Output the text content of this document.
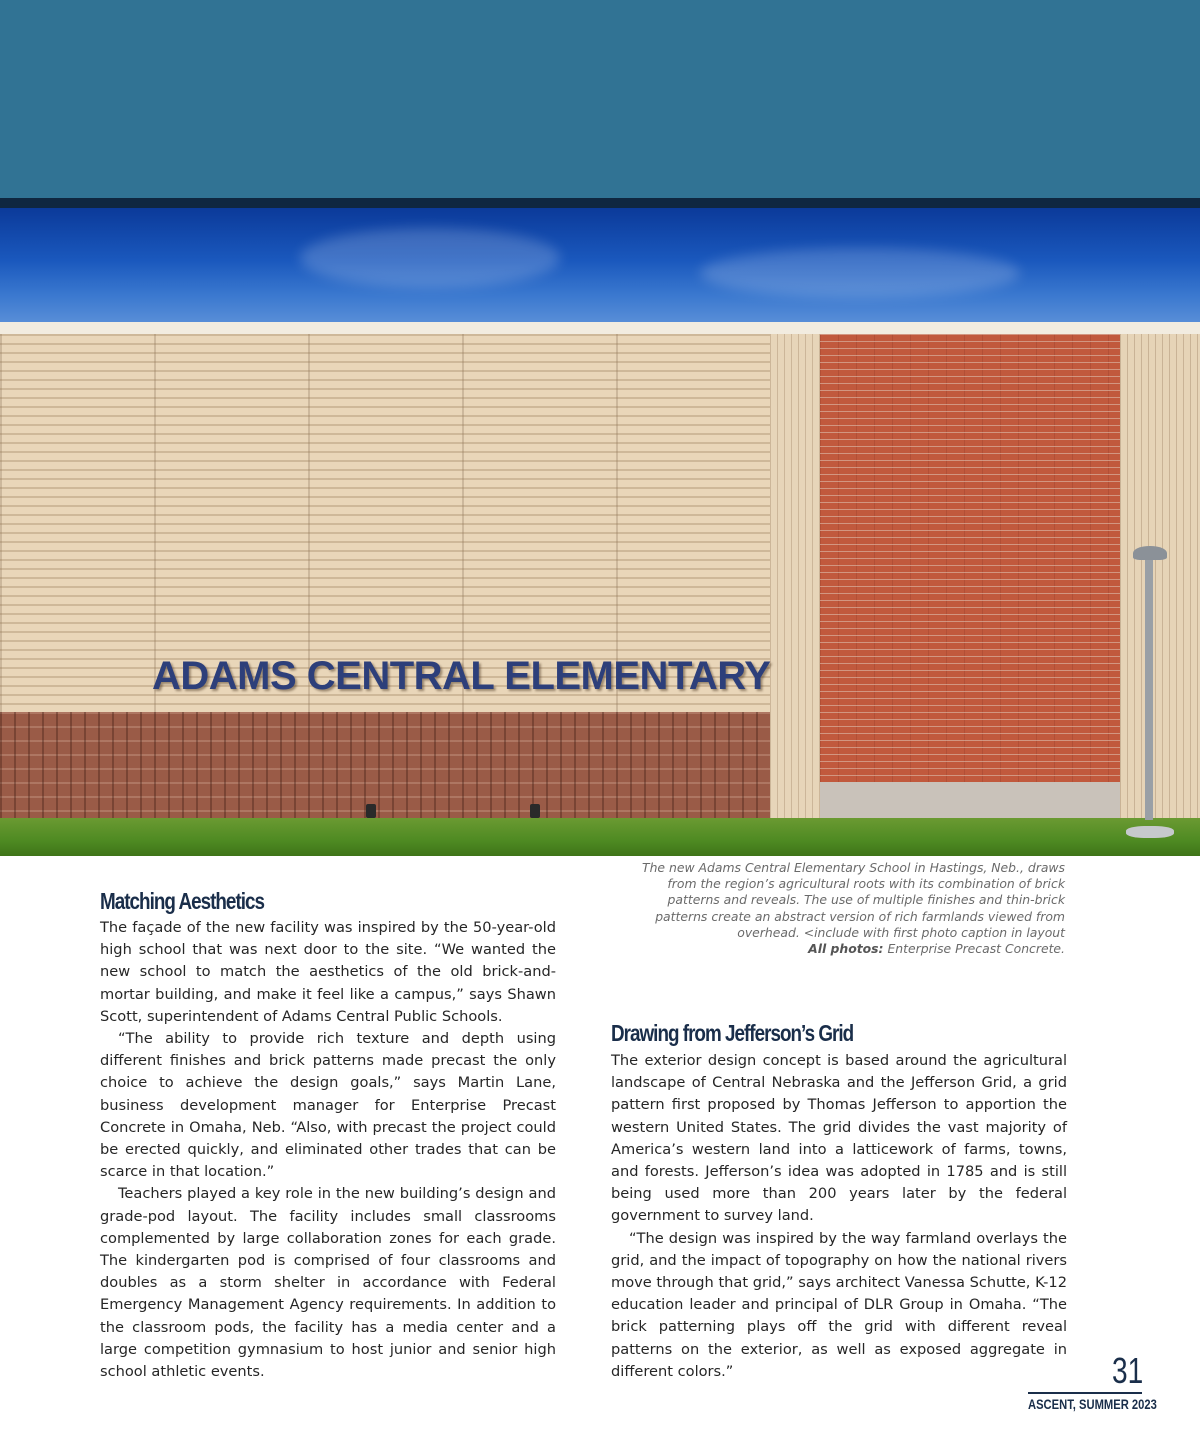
ADAMS CENTRAL ELEMENTARY
The new Adams Central Elementary School in Hastings, Neb., draws from the region’s agricultural roots with its combination of brick patterns and reveals. The use of multiple finishes and thin-brick patterns create an abstract version of rich farmlands viewed from overhead. <include with first photo caption in layout
All photos: Enterprise Precast Concrete.
Matching Aesthetics

The façade of the new facility was inspired by the 50-year-old high school that was next door to the site. “We wanted the new school to match the aesthetics of the old brick-and-mortar building, and make it feel like a campus,” says Shawn Scott, superintendent of Adams Central Public Schools.

“The ability to provide rich texture and depth using different finishes and brick patterns made precast the only choice to achieve the design goals,” says Martin Lane, business development manager for Enterprise Precast Concrete in Omaha, Neb. “Also, with precast the project could be erected quickly, and eliminated other trades that can be scarce in that location.”

Teachers played a key role in the new building’s design and grade-pod layout. The facility includes small classrooms complemented by large collaboration zones for each grade. The kindergarten pod is comprised of four classrooms and doubles as a storm shelter in accordance with Federal Emergency Management Agency requirements. In addition to the classroom pods, the facility has a media center and a large competition gymnasium to host junior and senior high school athletic events.

Drawing from Jefferson’s Grid

The exterior design concept is based around the agricultural landscape of Central Nebraska and the Jefferson Grid, a grid pattern first proposed by Thomas Jefferson to apportion the western United States. The grid divides the vast majority of America’s western land into a latticework of farms, towns, and forests. Jefferson’s idea was adopted in 1785 and is still being used more than 200 years later by the federal government to survey land.

“The design was inspired by the way farmland overlays the grid, and the impact of topography on how the national rivers move through that grid,” says architect Vanessa Schutte, K-12 education leader and principal of DLR Group in Omaha. “The brick patterning plays off the grid with different reveal patterns on the exterior, as well as exposed aggregate in different colors.”	31
ASCENT, SUMMER 2023
